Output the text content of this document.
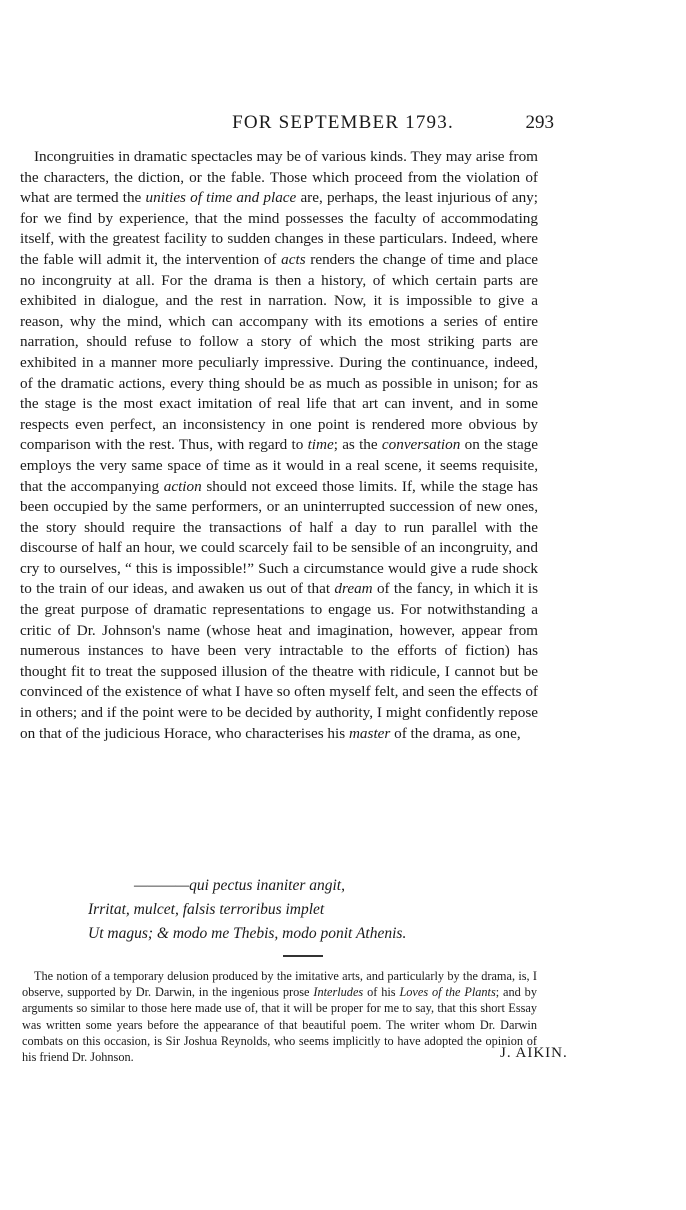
FOR SEPTEMBER 1793.	293

Incongruities in dramatic spectacles may be of various kinds. They may arise from the characters, the diction, or the fable. Those which proceed from the violation of what are termed the unities of time and place are, perhaps, the least injurious of any; for we find by experience, that the mind possesses the faculty of accommodating itself, with the greatest facility to sudden changes in these particulars. Indeed, where the fable will admit it, the intervention of acts renders the change of time and place no incongruity at all. For the drama is then a history, of which certain parts are exhibited in dialogue, and the rest in narration. Now, it is impossible to give a reason, why the mind, which can accompany with its emotions a series of entire narration, should refuse to follow a story of which the most striking parts are exhibited in a manner more peculiarly impressive. During the continuance, indeed, of the dramatic actions, every thing should be as much as possible in unison; for as the stage is the most exact imitation of real life that art can invent, and in some respects even perfect, an inconsistency in one point is rendered more obvious by comparison with the rest. Thus, with regard to time; as the conversation on the stage employs the very same space of time as it would in a real scene, it seems requisite, that the accompanying action should not exceed those limits. If, while the stage has been occupied by the same performers, or an uninterrupted succession of new ones, the story should require the transactions of half a day to run parallel with the discourse of half an hour, we could scarcely fail to be sensible of an incongruity, and cry to ourselves, “ this is impossible!” Such a circumstance would give a rude shock to the train of our ideas, and awaken us out of that dream of the fancy, in which it is the great purpose of dramatic representations to engage us. For notwithstanding a critic of Dr. Johnson's name (whose heat and imagination, however, appear from numerous instances to have been very intractable to the efforts of fiction) has thought fit to treat the supposed illusion of the theatre with ridicule, I cannot but be convinced of the existence of what I have so often myself felt, and seen the effects of in others; and if the point were to be decided by authority, I might confidently repose on that of the judicious Horace, who characterises his master of the drama, as one,

————qui pectus inaniter angit,
Irritat, mulcet, falsis terroribus implet
Ut magus; & modo me Thebis, modo ponit Athenis.

The notion of a temporary delusion produced by the imitative arts, and particularly by the drama, is, I observe, supported by Dr. Darwin, in the ingenious prose Interludes of his Loves of the Plants; and by arguments so similar to those here made use of, that it will be proper for me to say, that this short Essay was written some years before the appearance of that beautiful poem. The writer whom Dr. Darwin combats on this occasion, is Sir Joshua Reynolds, who seems implicitly to have adopted the opinion of his friend Dr. Johnson.	J. AIKIN.
